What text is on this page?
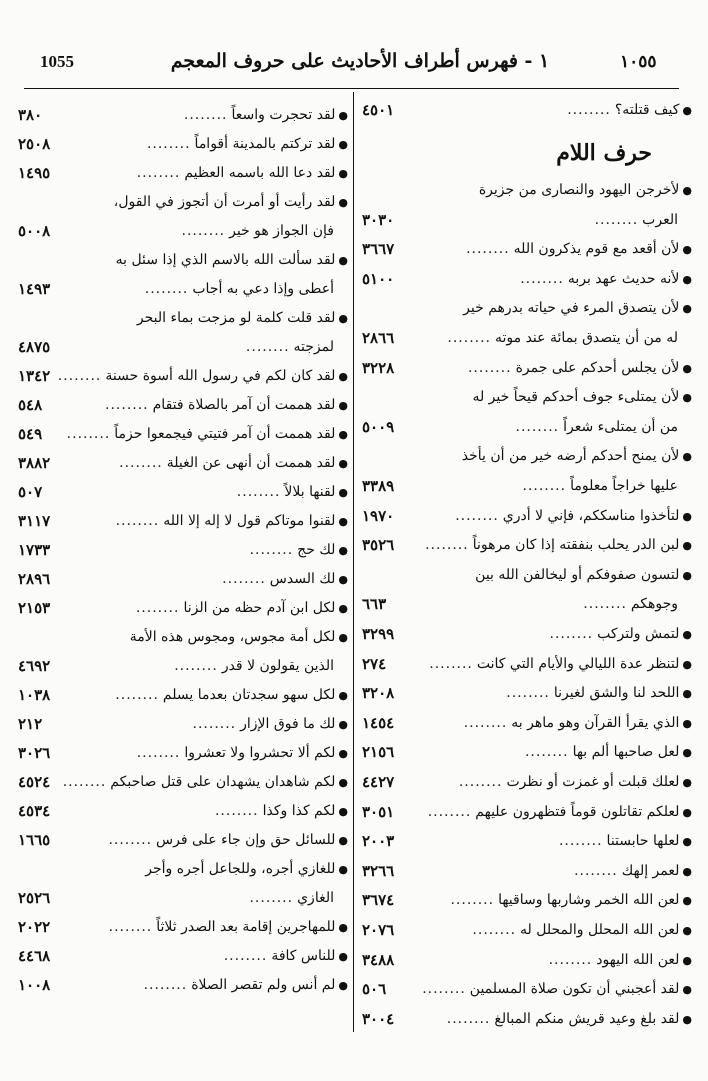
1055	١ - فهرس أطراف الأحاديث على حروف المعجم	١٠٥٥
●
كيف قتلته؟
........
٤٥٠١
حرف اللام
●
لأخرجن اليهود والنصارى من جزيرة
العرب
........
٣٠٣٠
●
لأن أقعد مع قوم يذكرون الله
........
٣٦٦٧
●
لأنه حديث عهد بربه
........
٥١٠٠
●
لأن يتصدق المرء في حياته بدرهم خير
له من أن يتصدق بمائة عند موته
........
٢٨٦٦
●
لأن يجلس أحدكم على جمرة
........
٣٢٢٨
●
لأن يمتلىء جوف أحدكم قيحاً خير له
من أن يمتلىء شعراً
........
٥٠٠٩
●
لأن يمنح أحدكم أرضه خير من أن يأخذ
عليها خراجاً معلوماً
........
٣٣٨٩
●
لتأخذوا مناسككم، فإني لا أدري
........
١٩٧٠
●
لبن الدر يحلب بنفقته إذا كان مرهوناً
........
٣٥٢٦
●
لتسون صفوفكم أو ليخالفن الله بين
وجوهكم
........
٦٦٣
●
لتمش ولتركب
........
٣٢٩٩
●
لتنظر عدة الليالي والأيام التي كانت
........
٢٧٤
●
اللحد لنا والشق لغيرنا
........
٣٢٠٨
●
الذي يقرأ القرآن وهو ماهر به
........
١٤٥٤
●
لعل صاحبها ألم بها
........
٢١٥٦
●
لعلك قبلت أو غمزت أو نظرت
........
٤٤٢٧
●
لعلكم تقاتلون قوماً فتظهرون عليهم
........
٣٠٥١
●
لعلها حابستنا
........
٢٠٠٣
●
لعمر إلهك
........
٣٢٦٦
●
لعن الله الخمر وشاربها وساقيها
........
٣٦٧٤
●
لعن الله المحلل والمحلل له
........
٢٠٧٦
●
لعن الله اليهود
........
٣٤٨٨
●
لقد أعجبني أن تكون صلاة المسلمين
........
٥٠٦
●
لقد بلغ وعيد قريش منكم المبالغ
........
٣٠٠٤
●
لقد تحجرت واسعاً
........
٣٨٠
●
لقد تركتم بالمدينة أقواماً
........
٢٥٠٨
●
لقد دعا الله باسمه العظيم
........
١٤٩٥
●
لقد رأيت أو أمرت أن أتجوز في القول،
فإن الجواز هو خير
........
٥٠٠٨
●
لقد سألت الله بالاسم الذي إذا سئل به
أعطى وإذا دعي به أجاب
........
١٤٩٣
●
لقد قلت كلمة لو مزجت بماء البحر
لمزجته
........
٤٨٧٥
●
لقد كان لكم في رسول الله أسوة حسنة
........
١٣٤٢
●
لقد هممت أن آمر بالصلاة فتقام
........
٥٤٨
●
لقد هممت أن آمر فتيتي فيجمعوا حزماً
........
٥٤٩
●
لقد هممت أن أنهى عن الغيلة
........
٣٨٨٢
●
لقنها بلالاً
........
٥٠٧
●
لقنوا موتاكم قول لا إله إلا الله
........
٣١١٧
●
لك حج
........
١٧٣٣
●
لك السدس
........
٢٨٩٦
●
لكل ابن آدم حظه من الزنا
........
٢١٥٣
●
لكل أمة مجوس، ومجوس هذه الأمة
الذين يقولون لا قدر
........
٤٦٩٢
●
لكل سهو سجدتان بعدما يسلم
........
١٠٣٨
●
لك ما فوق الإزار
........
٢١٢
●
لكم ألا تحشروا ولا تعشروا
........
٣٠٢٦
●
لكم شاهدان يشهدان على قتل صاحبكم
........
٤٥٢٤
●
لكم كذا وكذا
........
٤٥٣٤
●
للسائل حق وإن جاء على فرس
........
١٦٦٥
●
للغازي أجره، وللجاعل أجره وأجر
الغازي
........
٢٥٢٦
●
للمهاجرين إقامة بعد الصدر ثلاثاً
........
٢٠٢٢
●
للناس كافة
........
٤٤٦٨
●
لم أنس ولم تقصر الصلاة
........
١٠٠٨
